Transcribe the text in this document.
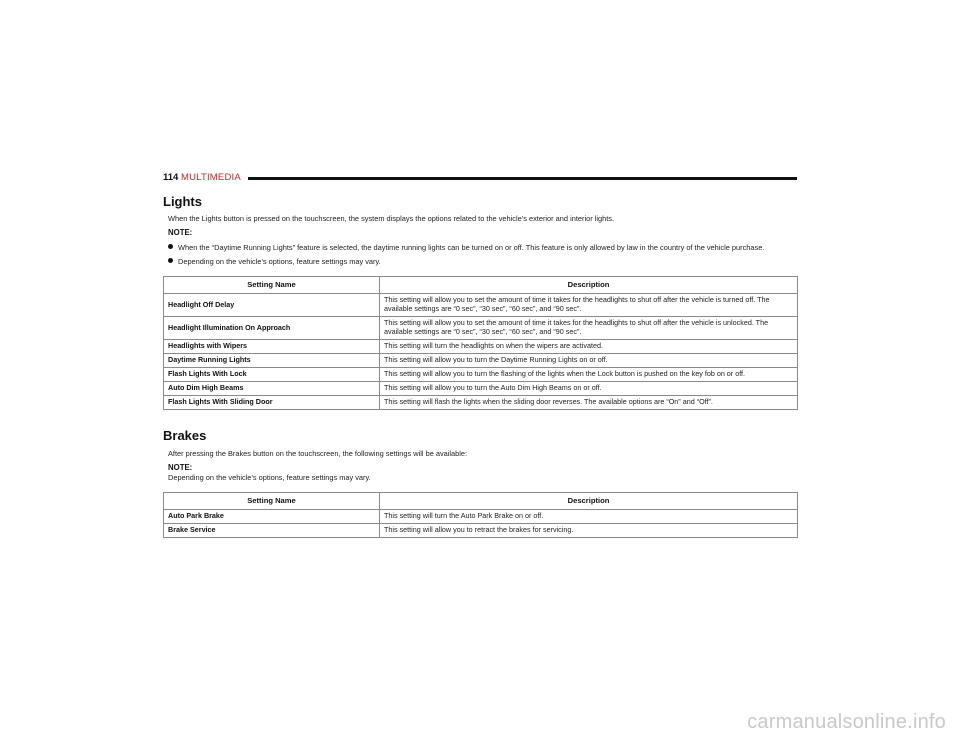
114 MULTIMEDIA
Lights
When the Lights button is pressed on the touchscreen, the system displays the options related to the vehicle’s exterior and interior lights.
NOTE:
When the “Daytime Running Lights” feature is selected, the daytime running lights can be turned on or off. This feature is only allowed by law in the country of the vehicle purchase.
Depending on the vehicle’s options, feature settings may vary.
Setting Name	Description
Headlight Off Delay	This setting will allow you to set the amount of time it takes for the headlights to shut off after the vehicle is turned off. The available settings are “0 sec”, “30 sec”, “60 sec”, and “90 sec”.
Headlight Illumination On Approach	This setting will allow you to set the amount of time it takes for the headlights to shut off after the vehicle is unlocked. The available settings are “0 sec”, “30 sec”, “60 sec”, and “90 sec”.
Headlights with Wipers	This setting will turn the headlights on when the wipers are activated.
Daytime Running Lights	This setting will allow you to turn the Daytime Running Lights on or off.
Flash Lights With Lock	This setting will allow you to turn the flashing of the lights when the Lock button is pushed on the key fob on or off.
Auto Dim High Beams	This setting will allow you to turn the Auto Dim High Beams on or off.
Flash Lights With Sliding Door	This setting will flash the lights when the sliding door reverses. The available options are “On” and “Off”.
Brakes
After pressing the Brakes button on the touchscreen, the following settings will be available:
NOTE:
Depending on the vehicle’s options, feature settings may vary.
Setting Name	Description
Auto Park Brake	This setting will turn the Auto Park Brake on or off.
Brake Service	This setting will allow you to retract the brakes for servicing.
carmanualsonline.info
